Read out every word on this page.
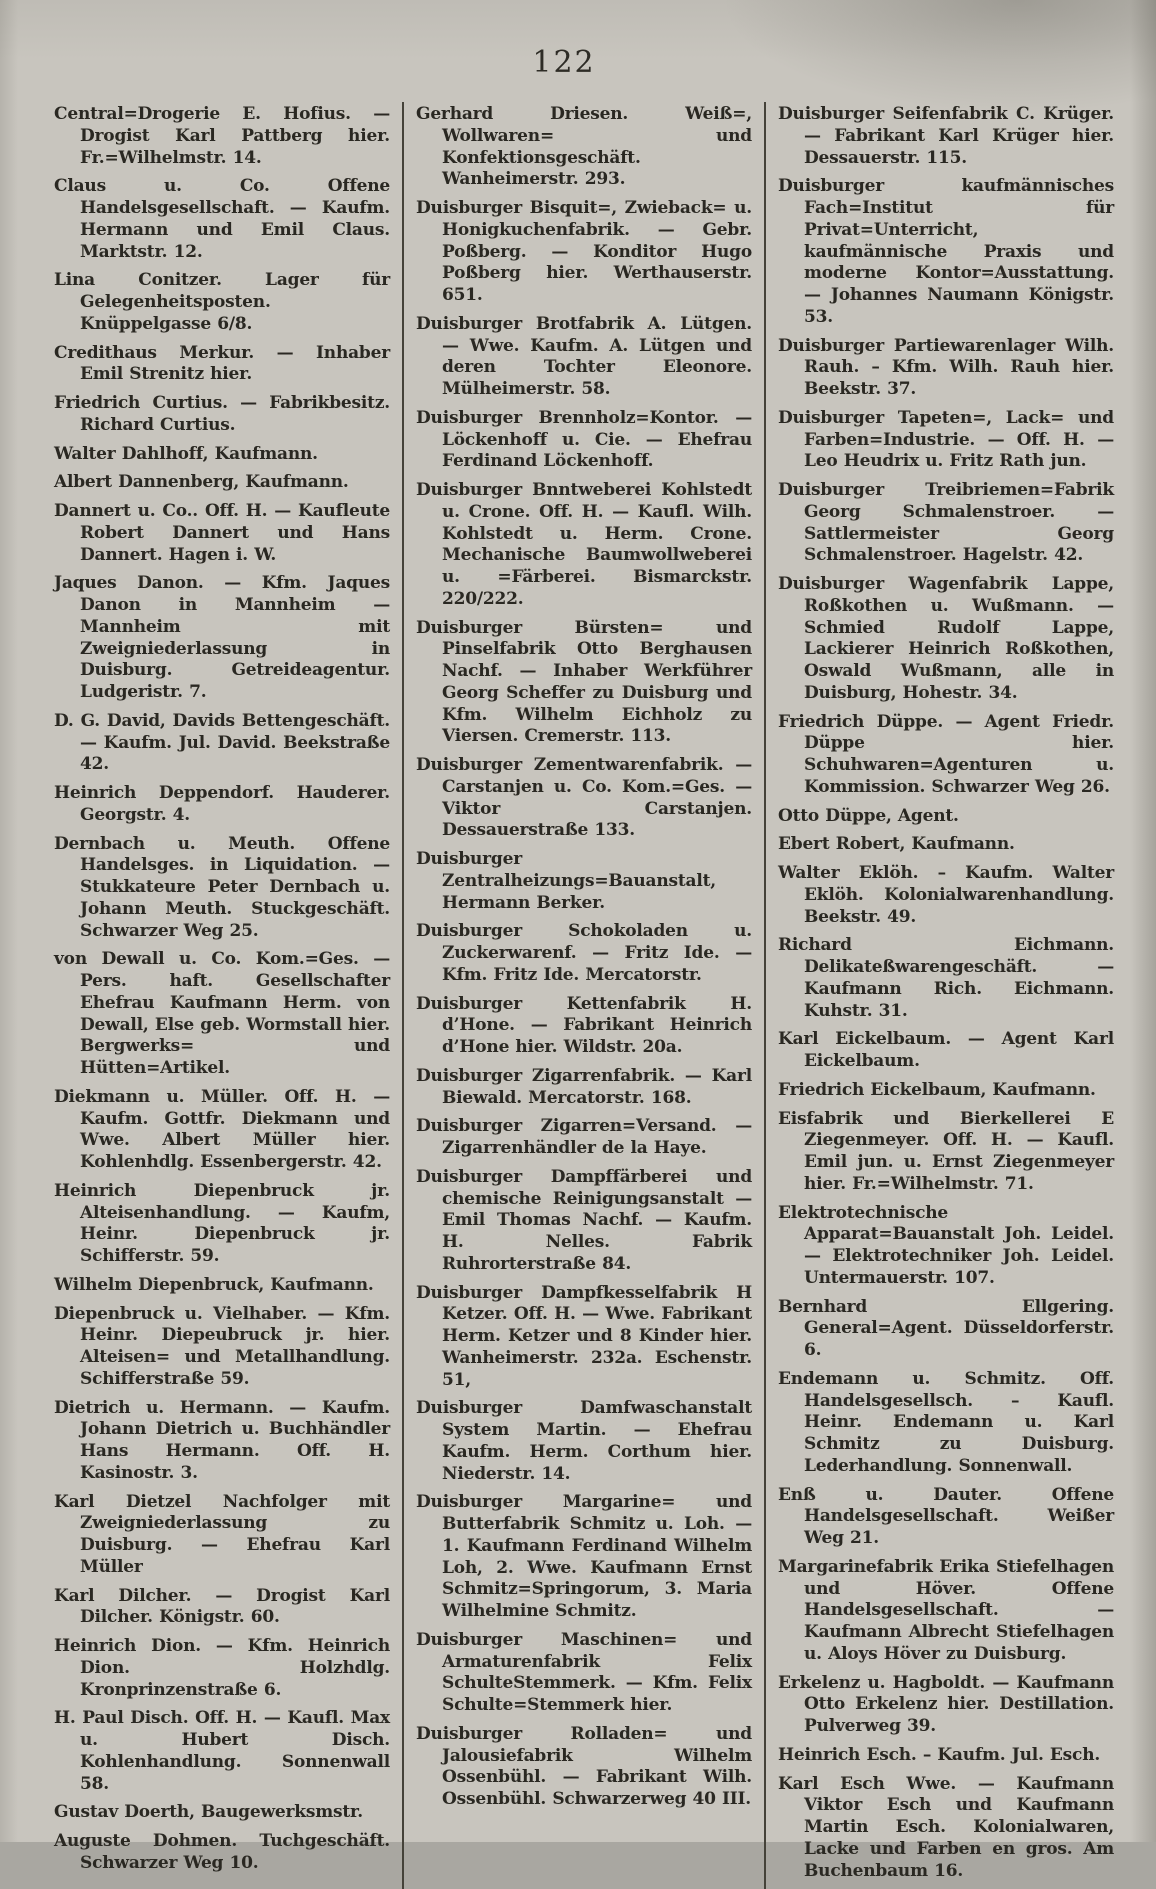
122

Central=Drogerie E. Hofius. — Drogist Karl Pattberg hier. Fr.=Wilhelmstr. 14.

Claus u. Co. Offene Handelsgesellschaft. — Kaufm. Hermann und Emil Claus. Marktstr. 12.

Lina Conitzer. Lager für Gelegenheitsposten. Knüppelgasse 6/8.

Credithaus Merkur. — Inhaber Emil Strenitz hier.

Friedrich Curtius. — Fabrikbesitz. Richard Curtius.

Walter Dahlhoff, Kaufmann.

Albert Dannenberg, Kaufmann.

Dannert u. Co.. Off. H. — Kaufleute Robert Dannert und Hans Dannert. Hagen i. W.

Jaques Danon. — Kfm. Jaques Danon in Mannheim — Mannheim mit Zweigniederlassung in Duisburg. Getreideagentur. Ludgeristr. 7.

D. G. David, Davids Bettengeschäft. — Kaufm. Jul. David. Beekstraße 42.

Heinrich Deppendorf. Hauderer. Georgstr. 4.

Dernbach u. Meuth. Offene Handelsges. in Liquidation. — Stukkateure Peter Dernbach u. Johann Meuth. Stuckgeschäft. Schwarzer Weg 25.

von Dewall u. Co. Kom.=Ges. — Pers. haft. Gesellschafter Ehefrau Kaufmann Herm. von Dewall, Else geb. Wormstall hier. Bergwerks= und Hütten=Artikel.

Diekmann u. Müller. Off. H. — Kaufm. Gottfr. Diekmann und Wwe. Albert Müller hier. Kohlenhdlg. Essenbergerstr. 42.

Heinrich Diepenbruck jr. Alteisenhandlung. — Kaufm, Heinr. Diepenbruck jr. Schifferstr. 59.

Wilhelm Diepenbruck, Kaufmann.

Diepenbruck u. Vielhaber. — Kfm. Heinr. Diepeubruck jr. hier. Alteisen= und Metallhandlung. Schifferstraße 59.

Dietrich u. Hermann. — Kaufm. Johann Dietrich u. Buchhändler Hans Hermann. Off. H. Kasinostr. 3.

Karl Dietzel Nachfolger mit Zweigniederlassung zu Duisburg. — Ehefrau Karl Müller

Karl Dilcher. — Drogist Karl Dilcher. Königstr. 60.

Heinrich Dion. — Kfm. Heinrich Dion. Holzhdlg. Kronprinzenstraße 6.

H. Paul Disch. Off. H. — Kaufl. Max u. Hubert Disch. Kohlenhandlung. Sonnenwall 58.

Gustav Doerth, Baugewerksmstr.

Auguste Dohmen. Tuchgeschäft. Schwarzer Weg 10.

Gerhard Driesen. Weiß=, Wollwaren= und Konfektionsgeschäft. Wanheimerstr. 293.

Duisburger Bisquit=, Zwieback= u. Honigkuchenfabrik. — Gebr. Poßberg. — Konditor Hugo Poßberg hier. Werthauserstr. 651.

Duisburger Brotfabrik A. Lütgen. — Wwe. Kaufm. A. Lütgen und deren Tochter Eleonore. Mülheimerstr. 58.

Duisburger Brennholz=Kontor. — Löckenhoff u. Cie. — Ehefrau Ferdinand Löckenhoff.

Duisburger Bnntweberei Kohlstedt u. Crone. Off. H. — Kaufl. Wilh. Kohlstedt u. Herm. Crone. Mechanische Baumwollweberei u. =Färberei. Bismarckstr. 220/222.

Duisburger Bürsten= und Pinselfabrik Otto Berghausen Nachf. — Inhaber Werkführer Georg Scheffer zu Duisburg und Kfm. Wilhelm Eichholz zu Viersen. Cremerstr. 113.

Duisburger Zementwarenfabrik. — Carstanjen u. Co. Kom.=Ges. — Viktor Carstanjen. Dessauerstraße 133.

Duisburger Zentralheizungs=Bauanstalt, Hermann Berker.

Duisburger Schokoladen u. Zuckerwarenf. — Fritz Ide. — Kfm. Fritz Ide. Mercatorstr.

Duisburger Kettenfabrik H. d’Hone. — Fabrikant Heinrich d’Hone hier. Wildstr. 20a.

Duisburger Zigarrenfabrik. — Karl Biewald. Mercatorstr. 168.

Duisburger Zigarren=Versand. — Zigarrenhändler de la Haye.

Duisburger Dampffärberei und chemische Reinigungsanstalt — Emil Thomas Nachf. — Kaufm. H. Nelles. Fabrik Ruhrorterstraße 84.

Duisburger Dampfkesselfabrik H Ketzer. Off. H. — Wwe. Fabrikant Herm. Ketzer und 8 Kinder hier. Wanheimerstr. 232a. Eschenstr. 51,

Duisburger Damfwaschanstalt System Martin. — Ehefrau Kaufm. Herm. Corthum hier. Niederstr. 14.

Duisburger Margarine= und Butterfabrik Schmitz u. Loh. — 1. Kaufmann Ferdinand Wilhelm Loh, 2. Wwe. Kaufmann Ernst Schmitz=Springorum, 3. Maria Wilhelmine Schmitz.

Duisburger Maschinen= und Armaturenfabrik Felix SchulteStemmerk. — Kfm. Felix Schulte=Stemmerk hier.

Duisburger Rolladen= und Jalousiefabrik Wilhelm Ossenbühl. — Fabrikant Wilh. Ossenbühl. Schwarzerweg 40 III.

Duisburger Seifenfabrik C. Krüger. — Fabrikant Karl Krüger hier. Dessauerstr. 115.

Duisburger kaufmännisches Fach=Institut für Privat=Unterricht, kaufmännische Praxis und moderne Kontor=Ausstattung. — Johannes Naumann Königstr. 53.

Duisburger Partiewarenlager Wilh. Rauh. – Kfm. Wilh. Rauh hier. Beekstr. 37.

Duisburger Tapeten=, Lack= und Farben=Industrie. — Off. H. — Leo Heudrix u. Fritz Rath jun.

Duisburger Treibriemen=Fabrik Georg Schmalenstroer. — Sattlermeister Georg Schmalenstroer. Hagelstr. 42.

Duisburger Wagenfabrik Lappe, Roßkothen u. Wußmann. — Schmied Rudolf Lappe, Lackierer Heinrich Roßkothen, Oswald Wußmann, alle in Duisburg, Hohestr. 34.

Friedrich Düppe. — Agent Friedr. Düppe hier. Schuhwaren=Agenturen u. Kommission. Schwarzer Weg 26.

Otto Düppe, Agent.

Ebert Robert, Kaufmann.

Walter Eklöh. – Kaufm. Walter Eklöh. Kolonialwarenhandlung. Beekstr. 49.

Richard Eichmann. Delikateßwarengeschäft. — Kaufmann Rich. Eichmann. Kuhstr. 31.

Karl Eickelbaum. — Agent Karl Eickelbaum.

Friedrich Eickelbaum, Kaufmann.

Eisfabrik und Bierkellerei E Ziegenmeyer. Off. H. — Kaufl. Emil jun. u. Ernst Ziegenmeyer hier. Fr.=Wilhelmstr. 71.

Elektrotechnische Apparat=Bauanstalt Joh. Leidel. — Elektrotechniker Joh. Leidel. Untermauerstr. 107.

Bernhard Ellgering. General=Agent. Düsseldorferstr. 6.

Endemann u. Schmitz. Off. Handelsgesellsch. – Kaufl. Heinr. Endemann u. Karl Schmitz zu Duisburg. Lederhandlung. Sonnenwall.

Enß u. Dauter. Offene Handelsgesellschaft. Weißer Weg 21.

Margarinefabrik Erika Stiefelhagen und Höver. Offene Handelsgesellschaft. — Kaufmann Albrecht Stiefelhagen u. Aloys Höver zu Duisburg.

Erkelenz u. Hagboldt. — Kaufmann Otto Erkelenz hier. Destillation. Pulverweg 39.

Heinrich Esch. – Kaufm. Jul. Esch.

Karl Esch Wwe. — Kaufmann Viktor Esch und Kaufmann Martin Esch. Kolonialwaren, Lacke und Farben en gros. Am Buchenbaum 16.
